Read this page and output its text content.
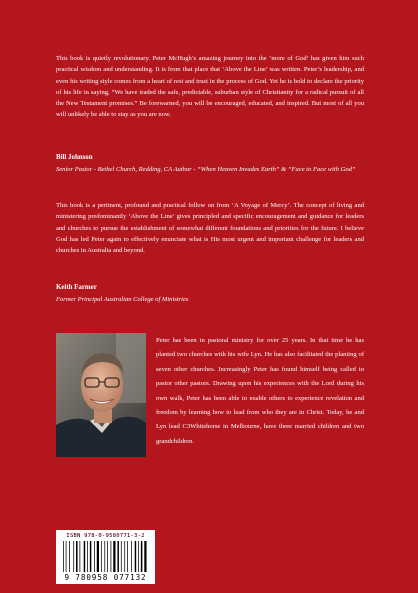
This book is quietly revolutionary. Peter McHugh’s amazing journey into the ‘more of God’ has given him such practical wisdom and understanding. It is from that place that ‘Above the Line’ was written. Peter’s leadership, and even his writing style comes from a heart of rest and trust in the process of God. Yet he is bold to declare the priority of his life in saying, “We have traded the safe, predictable, suburban style of Christianity for a radical pursuit of all the New Testament promises.” Be forewarned, you will be encouraged, educated, and inspired. But most of all you will unlikely be able to stay as you are now.

Bill Johnson
Senior Pastor - Bethel Church, Redding, CA Author - “When Heaven Invades Earth” & “Face to Face with God”

This book is a pertinent, profound and practical follow on from ‘A Voyage of Mercy’. The concept of living and ministering predominantly ‘Above the Line’ gives principled and specific encouragement and guidance for leaders and churches to pursue the establishment of somewhat different foundations and priorities for the future. I believe God has led Peter again to effectively enunciate what is His most urgent and important challenge for leaders and churches in Australia and beyond.

Keith Farmer
Former Principal Australian College of Ministries

Peter has been in pastoral ministry for over 25 years. In that time he has planted two churches with his wife Lyn. He has also facilitated the planting of seven other churches. Increasingly Peter has found himself being called to pastor other pastors. Drawing upon his experiences with the Lord during his own walk, Peter has been able to enable others to experience revelation and freedom by learning how to lead from who they are in Christ. Today, he and Lyn lead C3Whitehorse in Melbourne, have three married children and two grandchildren.

ISBN 978-0-9580771-3-2
9 780958 077132
